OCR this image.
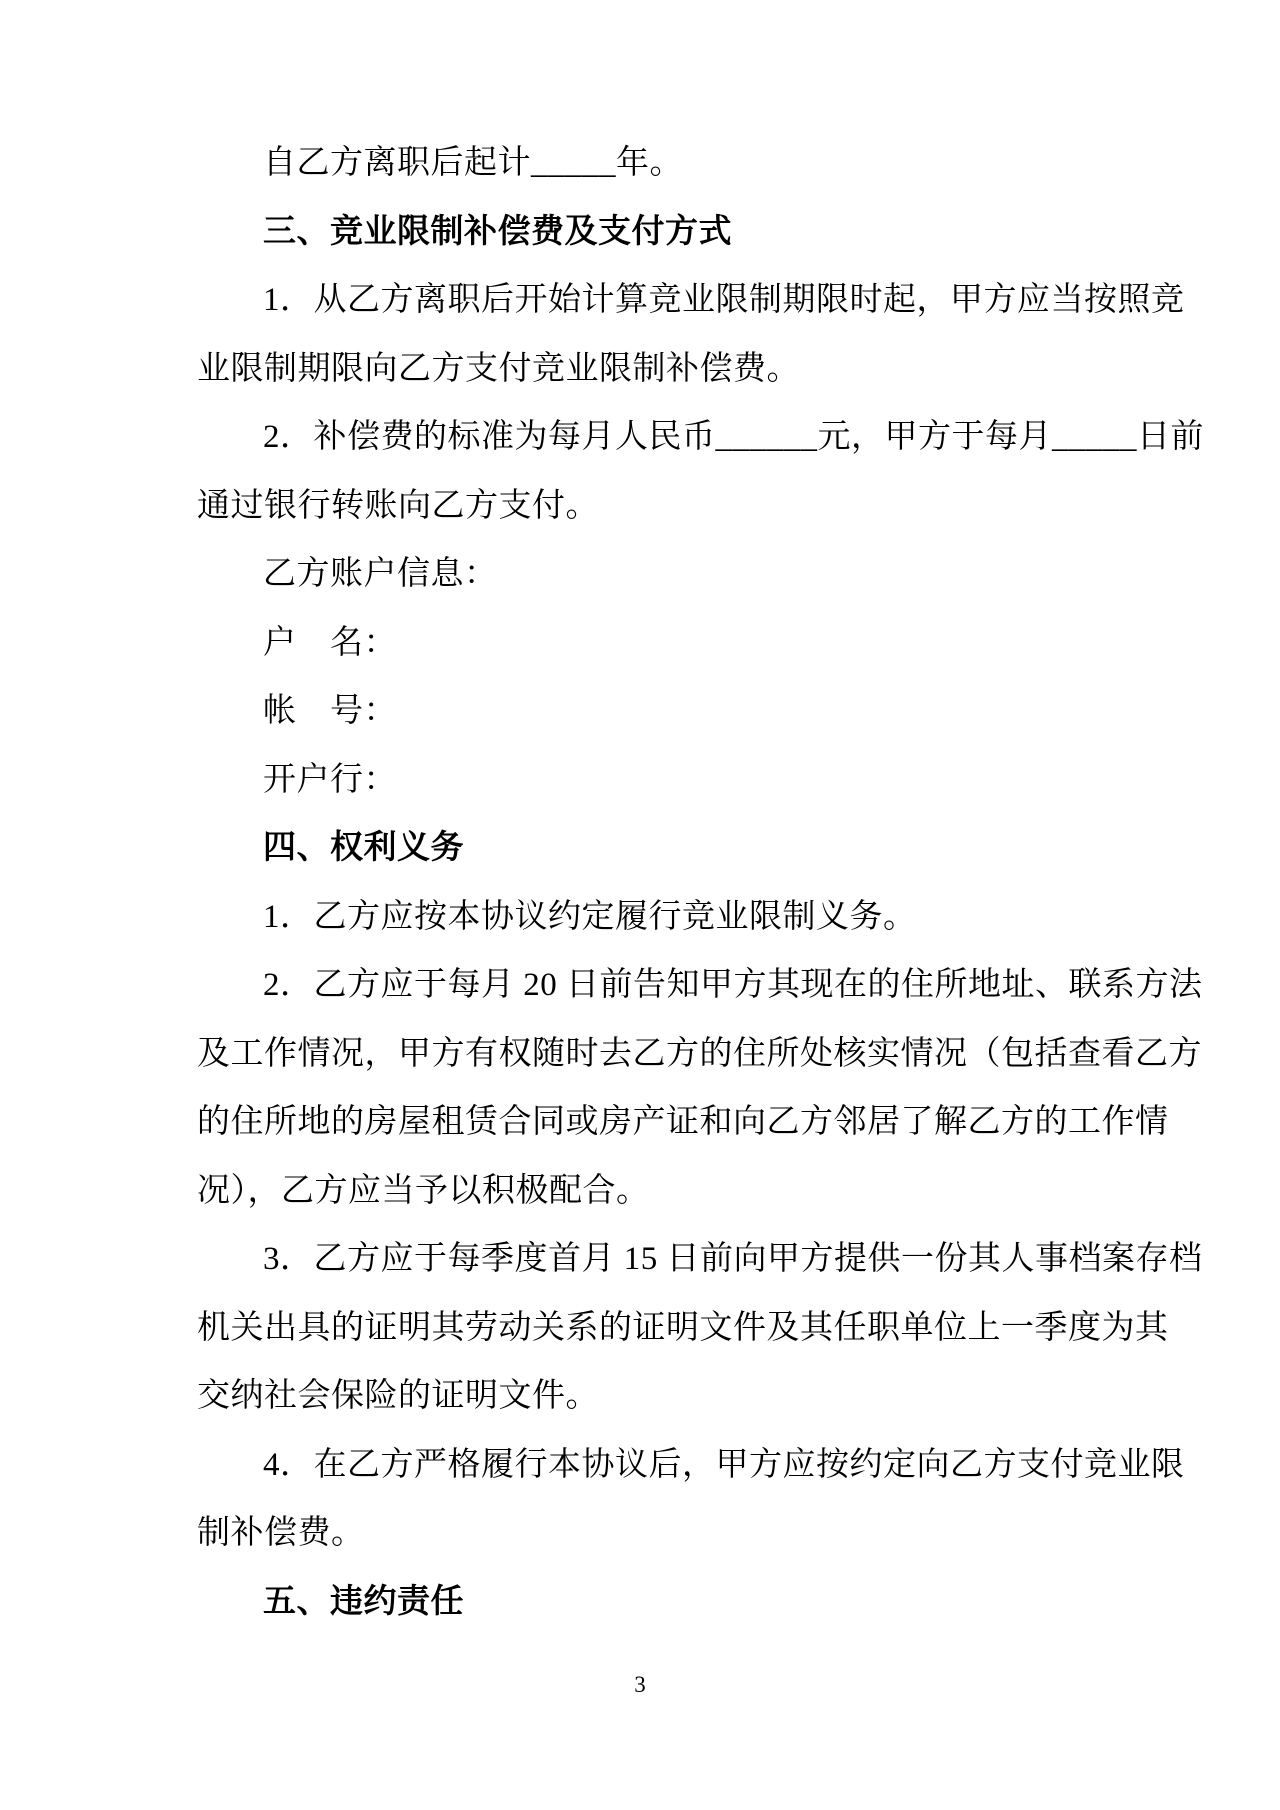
自乙方离职后起计_____年。
三、竞业限制补偿费及支付方式
1．从乙方离职后开始计算竞业限制期限时起，甲方应当按照竞
业限制期限向乙方支付竞业限制补偿费。
2．补偿费的标准为每月人民币______元，甲方于每月_____日前
通过银行转账向乙方支付。
乙方账户信息：
户　名：
帐　号：
开户行：
四、权利义务
1．乙方应按本协议约定履行竞业限制义务。
2．乙方应于每月 20 日前告知甲方其现在的住所地址、联系方法
及工作情况，甲方有权随时去乙方的住所处核实情况（包括查看乙方
的住所地的房屋租赁合同或房产证和向乙方邻居了解乙方的工作情
况），乙方应当予以积极配合。
3．乙方应于每季度首月 15 日前向甲方提供一份其人事档案存档
机关出具的证明其劳动关系的证明文件及其任职单位上一季度为其
交纳社会保险的证明文件。
4．在乙方严格履行本协议后，甲方应按约定向乙方支付竞业限
制补偿费。
五、违约责任
3
